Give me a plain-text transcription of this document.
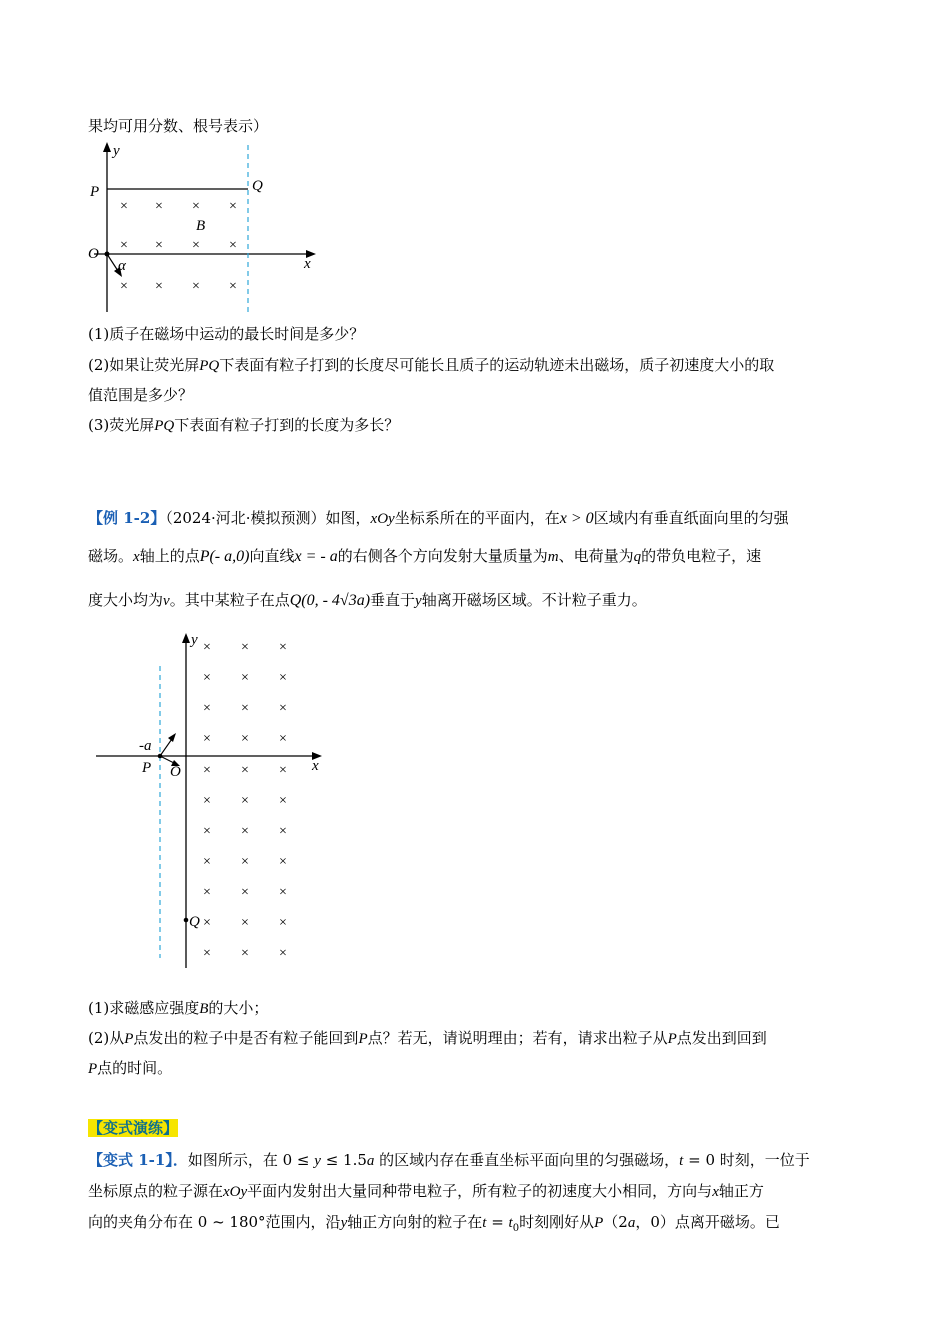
果均可用分数、根号表示）
y
x
P	Q
O
B
α
× × × ×
× × × ×
× × × ×
(1)质子在磁场中运动的最长时间是多少？
(2)如果让荧光屏PQ下表面有粒子打到的长度尽可能长且质子的运动轨迹未出磁场，质子初速度大小的取
值范围是多少？
(3)荧光屏PQ下表面有粒子打到的长度为多长？
【例 1-2】（2024·河北·模拟预测）如图，xOy坐标系所在的平面内，在x > 0区域内有垂直纸面向里的匀强
磁场。x轴上的点P(- a,0)向直线x = - a的右侧各个方向发射大量质量为m、电荷量为q的带负电粒子，速
度大小均为v。其中某粒子在点Q(0, - 4√3a)垂直于y轴离开磁场区域。不计粒子重力。
y
x
O
P
-a
Q
× × ×
× × ×
× × ×
× × ×
× × ×
× × ×
× × ×
× × ×
× × ×
× × ×
× × ×
(1)求磁感应强度B的大小；
(2)从P点发出的粒子中是否有粒子能回到P点？若无，请说明理由；若有，请求出粒子从P点发出到回到
P点的时间。
【变式演练】
【变式 1-1】．如图所示，在 0 ≤ y ≤ 1.5a 的区域内存在垂直坐标平面向里的匀强磁场，t = 0 时刻，一位于
坐标原点的粒子源在xOy平面内发射出大量同种带电粒子，所有粒子的初速度大小相同，方向与x轴正方
向的夹角分布在 0 ~ 180°范围内，沿y轴正方向射的粒子在$t = t_0$时刻刚好从P（2a，0）点离开磁场。已
